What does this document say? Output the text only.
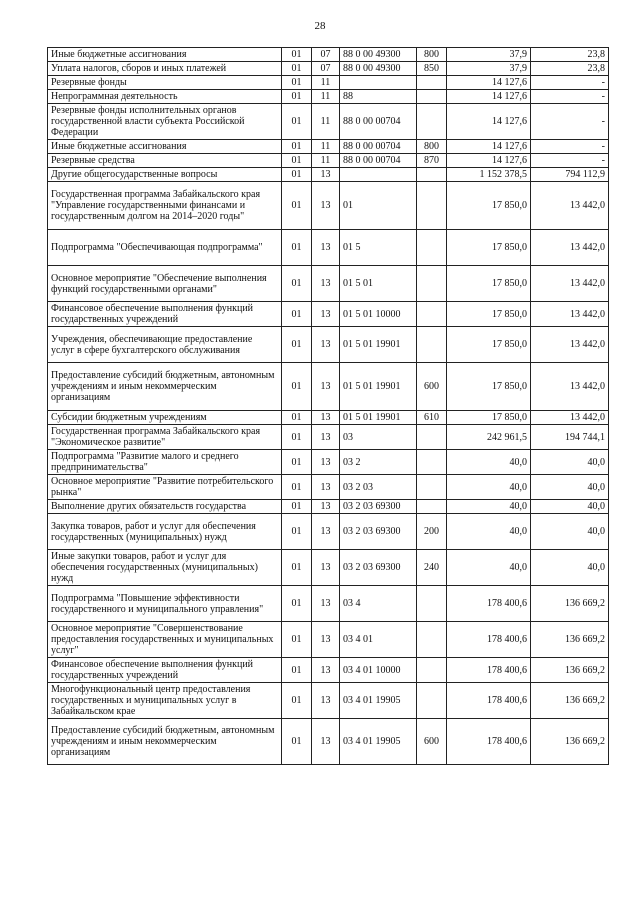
28
Иные бюджетные ассигнования	01	07	88 0 00 49300	800	37,9	23,8
Уплата налогов, сборов и иных платежей	01	07	88 0 00 49300	850	37,9	23,8
Резервные фонды	01	11			14 127,6	-
Непрограммная деятельность	01	11	88		14 127,6	-
Резервные фонды исполнительных органов государственной власти субъекта Российской Федерации	01	11	88 0 00 00704		14 127,6	-
Иные бюджетные ассигнования	01	11	88 0 00 00704	800	14 127,6	-
Резервные средства	01	11	88 0 00 00704	870	14 127,6	-
Другие общегосударственные вопросы	01	13			1 152 378,5	794 112,9
Государственная программа Забайкальского края "Управление государственными финансами и государственным долгом на 2014–2020 годы"	01	13	01		17 850,0	13 442,0
Подпрограмма "Обеспечивающая подпрограмма"	01	13	01 5		17 850,0	13 442,0
Основное мероприятие "Обеспечение выполнения функций государственными органами"	01	13	01 5 01		17 850,0	13 442,0
Финансовое обеспечение выполнения функций государственных учреждений	01	13	01 5 01 10000		17 850,0	13 442,0
Учреждения, обеспечивающие предоставление услуг в сфере бухгалтерского обслуживания	01	13	01 5 01 19901		17 850,0	13 442,0
Предоставление субсидий бюджетным, автономным учреждениям и иным некоммерческим организациям	01	13	01 5 01 19901	600	17 850,0	13 442,0
Субсидии бюджетным учреждениям	01	13	01 5 01 19901	610	17 850,0	13 442,0
Государственная программа Забайкальского края "Экономическое развитие"	01	13	03		242 961,5	194 744,1
Подпрограмма "Развитие малого и среднего предпринимательства"	01	13	03 2		40,0	40,0
Основное мероприятие "Развитие потребительского рынка"	01	13	03 2 03		40,0	40,0
Выполнение других обязательств государства	01	13	03 2 03 69300		40,0	40,0
Закупка товаров, работ и услуг для обеспечения государственных (муниципальных) нужд	01	13	03 2 03 69300	200	40,0	40,0
Иные закупки товаров, работ и услуг для обеспечения государственных (муниципальных) нужд	01	13	03 2 03 69300	240	40,0	40,0
Подпрограмма "Повышение эффективности государственного и муниципального управления"	01	13	03 4		178 400,6	136 669,2
Основное мероприятие "Совершенствование предоставления государственных и муниципальных услуг"	01	13	03 4 01		178 400,6	136 669,2
Финансовое обеспечение выполнения функций государственных учреждений	01	13	03 4 01 10000		178 400,6	136 669,2
Многофункциональный центр предоставления государственных и муниципальных услуг в Забайкальском крае	01	13	03 4 01 19905		178 400,6	136 669,2
Предоставление субсидий бюджетным, автономным учреждениям и иным некоммерческим организациям	01	13	03 4 01 19905	600	178 400,6	136 669,2
